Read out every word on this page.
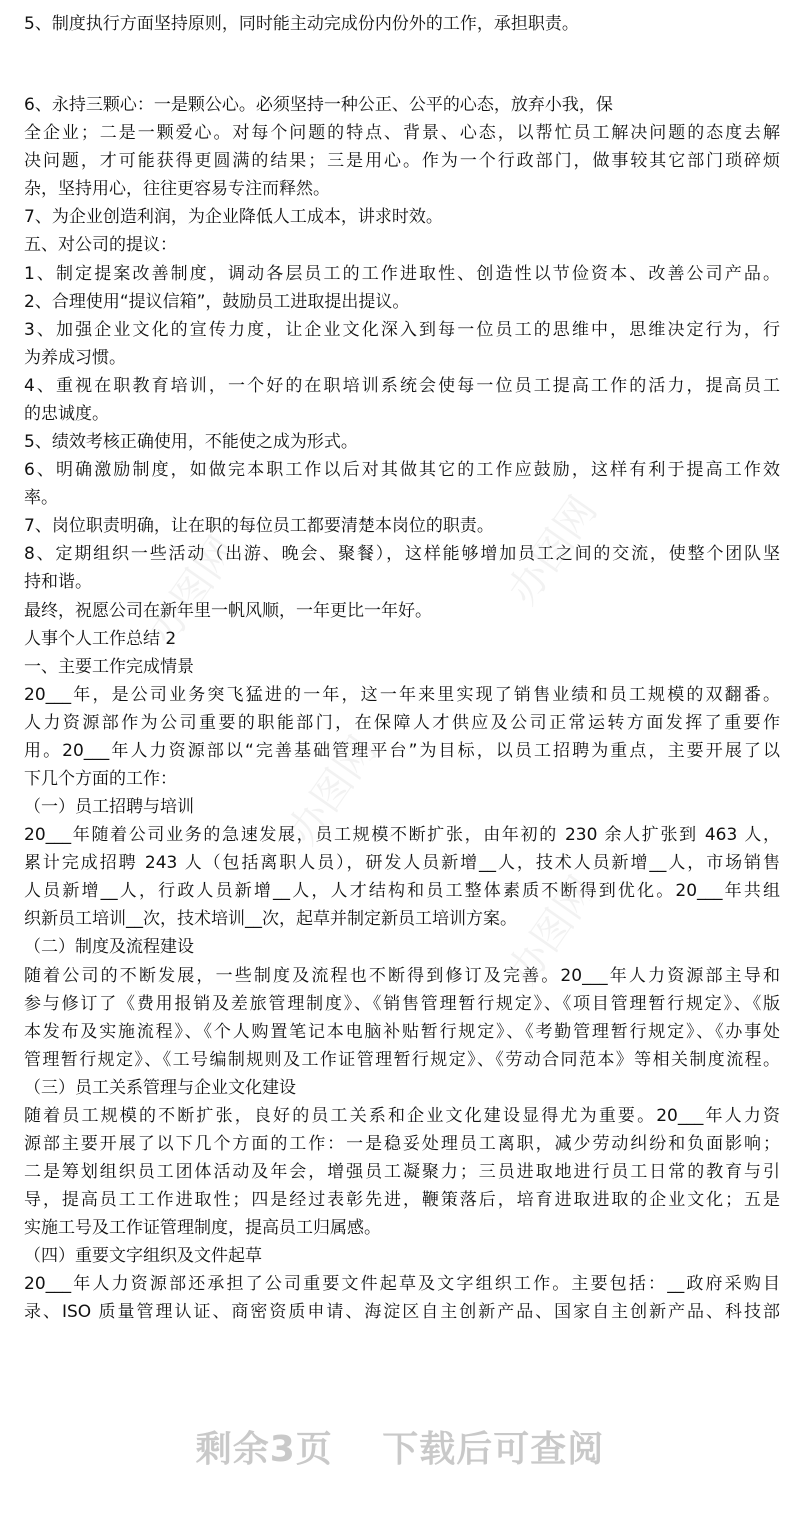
5、制度执行方面坚持原则，同时能主动完成份内份外的工作，承担职责。
6、永持三颗心：一是颗公心。必须坚持一种公正、公平的心态，放弃小我，保
全企业；二是一颗爱心。对每个问题的特点、背景、心态，以帮忙员工解决问题的态度去解
决问题，才可能获得更圆满的结果；三是用心。作为一个行政部门，做事较其它部门琐碎烦
杂，坚持用心，往往更容易专注而释然。
7、为企业创造利润，为企业降低人工成本，讲求时效。
五、对公司的提议：
1、制定提案改善制度，调动各层员工的工作进取性、创造性以节俭资本、改善公司产品。
2、合理使用“提议信箱”，鼓励员工进取提出提议。
3、加强企业文化的宣传力度，让企业文化深入到每一位员工的思维中，思维决定行为，行
为养成习惯。
4、重视在职教育培训，一个好的在职培训系统会使每一位员工提高工作的活力，提高员工
的忠诚度。
5、绩效考核正确使用，不能使之成为形式。
6、明确激励制度，如做完本职工作以后对其做其它的工作应鼓励，这样有利于提高工作效
率。
7、岗位职责明确，让在职的每位员工都要清楚本岗位的职责。
8、定期组织一些活动（出游、晚会、聚餐），这样能够增加员工之间的交流，使整个团队坚
持和谐。
最终，祝愿公司在新年里一帆风顺，一年更比一年好。
人事个人工作总结 2
一、主要工作完成情景
20___年，是公司业务突飞猛进的一年，这一年来里实现了销售业绩和员工规模的双翻番。
人力资源部作为公司重要的职能部门，在保障人才供应及公司正常运转方面发挥了重要作
用。20___年人力资源部以“完善基础管理平台”为目标，以员工招聘为重点，主要开展了以
下几个方面的工作：
（一）员工招聘与培训
20___年随着公司业务的急速发展，员工规模不断扩张，由年初的 230 余人扩张到 463 人，
累计完成招聘 243 人（包括离职人员），研发人员新增__人，技术人员新增__人，市场销售
人员新增__人，行政人员新增__人，人才结构和员工整体素质不断得到优化。20___年共组
织新员工培训__次，技术培训__次，起草并制定新员工培训方案。
（二）制度及流程建设
随着公司的不断发展，一些制度及流程也不断得到修订及完善。20___年人力资源部主导和
参与修订了《费用报销及差旅管理制度》、《销售管理暂行规定》、《项目管理暂行规定》、《版
本发布及实施流程》、《个人购置笔记本电脑补贴暂行规定》、《考勤管理暂行规定》、《办事处
管理暂行规定》、《工号编制规则及工作证管理暂行规定》、《劳动合同范本》等相关制度流程。
（三）员工关系管理与企业文化建设
随着员工规模的不断扩张，良好的员工关系和企业文化建设显得尤为重要。20___年人力资
源部主要开展了以下几个方面的工作：一是稳妥处理员工离职，减少劳动纠纷和负面影响；
二是筹划组织员工团体活动及年会，增强员工凝聚力；三员进取地进行员工日常的教育与引
导，提高员工工作进取性；四是经过表彰先进，鞭策落后，培育进取进取的企业文化；五是
实施工号及工作证管理制度，提高员工归属感。
（四）重要文字组织及文件起草
20___年人力资源部还承担了公司重要文件起草及文字组织工作。主要包括：__政府采购目
录、ISO 质量管理认证、商密资质申请、海淀区自主创新产品、国家自主创新产品、科技部
办图网	办图网
办图网
办图网
剩余3页 下载后可查阅
